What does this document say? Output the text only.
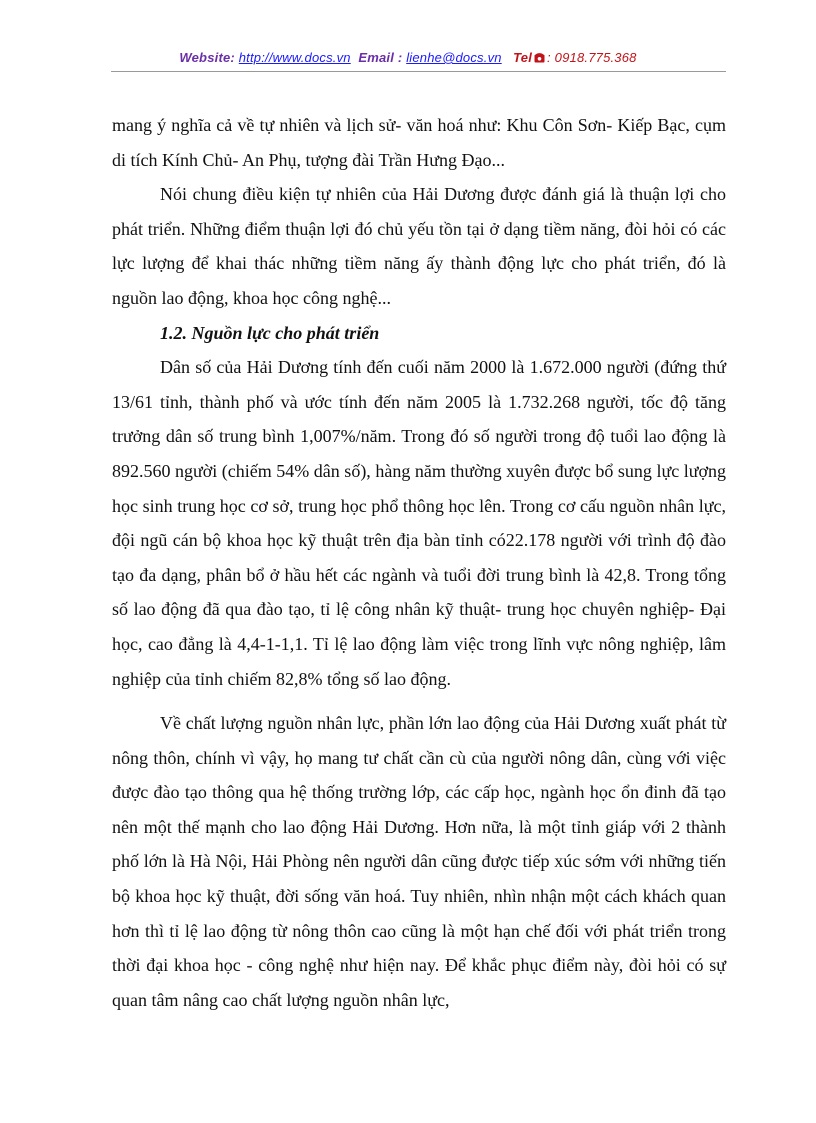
Website: http://www.docs.vn Email : lienhe@docs.vn Tel : 0918.775.368

mang ý nghĩa cả về tự nhiên và lịch sử- văn hoá như: Khu Côn Sơn- Kiếp Bạc, cụm di tích Kính Chủ- An Phụ, tượng đài Trần Hưng Đạo...

Nói chung điều kiện tự nhiên của Hải Dương được đánh giá là thuận lợi cho phát triển. Những điểm thuận lợi đó chủ yếu tồn tại ở dạng tiềm năng, đòi hỏi có các lực lượng để khai thác những tiềm năng ấy thành động lực cho phát triển, đó là nguồn lao động, khoa học công nghệ...

1.2. Nguồn lực cho phát triển

Dân số của Hải Dương tính đến cuối năm 2000 là 1.672.000 người (đứng thứ 13/61 tỉnh, thành phố và ước tính đến năm 2005 là 1.732.268 người, tốc độ tăng trưởng dân số trung bình 1,007%/năm. Trong đó số người trong độ tuổi lao động là 892.560 người (chiếm 54% dân số), hàng năm thường xuyên được bổ sung lực lượng học sinh trung học cơ sở, trung học phổ thông học lên. Trong cơ cấu nguồn nhân lực, đội ngũ cán bộ khoa học kỹ thuật trên địa bàn tỉnh có22.178 người với trình độ đào tạo đa dạng, phân bổ ở hầu hết các ngành và tuổi đời trung bình là 42,8. Trong tổng số lao động đã qua đào tạo, tỉ lệ công nhân kỹ thuật- trung học chuyên nghiệp- Đại học, cao đẳng là 4,4-1-1,1. Tỉ lệ lao động làm việc trong lĩnh vực nông nghiệp, lâm nghiệp của tỉnh chiếm 82,8% tổng số lao động.

Về chất lượng nguồn nhân lực, phần lớn lao động của Hải Dương xuất phát từ nông thôn, chính vì vậy, họ mang tư chất cần cù của người nông dân, cùng với việc được đào tạo thông qua hệ thống trường lớp, các cấp học, ngành học ổn đinh đã tạo nên một thế mạnh cho lao động Hải Dương. Hơn nữa, là một tỉnh giáp với 2 thành phố lớn là Hà Nội, Hải Phòng nên người dân cũng được tiếp xúc sớm với những tiến bộ khoa học kỹ thuật, đời sống văn hoá. Tuy nhiên, nhìn nhận một cách khách quan hơn thì tỉ lệ lao động từ nông thôn cao cũng là một hạn chế đối với phát triển trong thời đại khoa học - công nghệ như hiện nay. Để khắc phục điểm này, đòi hỏi có sự quan tâm nâng cao chất lượng nguồn nhân lực,
